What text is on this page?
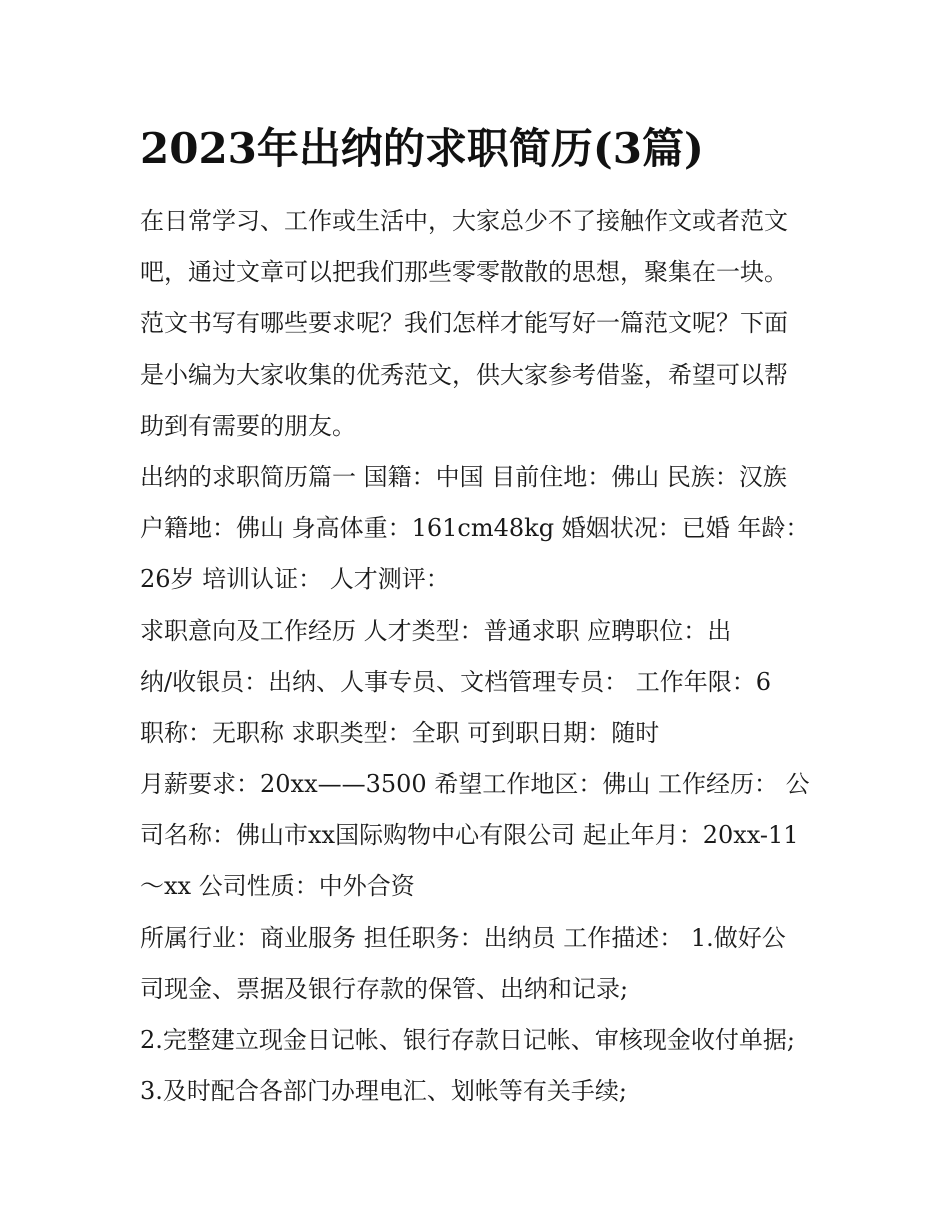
2023年出纳的求职简历(3篇)
在日常学习、工作或生活中，大家总少不了接触作文或者范文
吧，通过文章可以把我们那些零零散散的思想，聚集在一块。
范文书写有哪些要求呢？我们怎样才能写好一篇范文呢？下面
是小编为大家收集的优秀范文，供大家参考借鉴，希望可以帮
助到有需要的朋友。
出纳的求职简历篇一 国籍：中国 目前住地：佛山 民族：汉族
户籍地：佛山 身高体重：161cm48kg 婚姻状况：已婚 年龄：
26岁 培训认证： 人才测评：
求职意向及工作经历 人才类型：普通求职 应聘职位：出
纳/收银员：出纳、人事专员、文档管理专员： 工作年限：6
职称：无职称 求职类型：全职 可到职日期：随时
月薪要求：20xx——3500 希望工作地区：佛山 工作经历： 公
司名称：佛山市xx国际购物中心有限公司 起止年月：20xx-11
～xx 公司性质：中外合资
所属行业：商业服务 担任职务：出纳员 工作描述： 1.做好公
司现金、票据及银行存款的保管、出纳和记录;
2.完整建立现金日记帐、银行存款日记帐、审核现金收付单据;
3.及时配合各部门办理电汇、划帐等有关手续;
